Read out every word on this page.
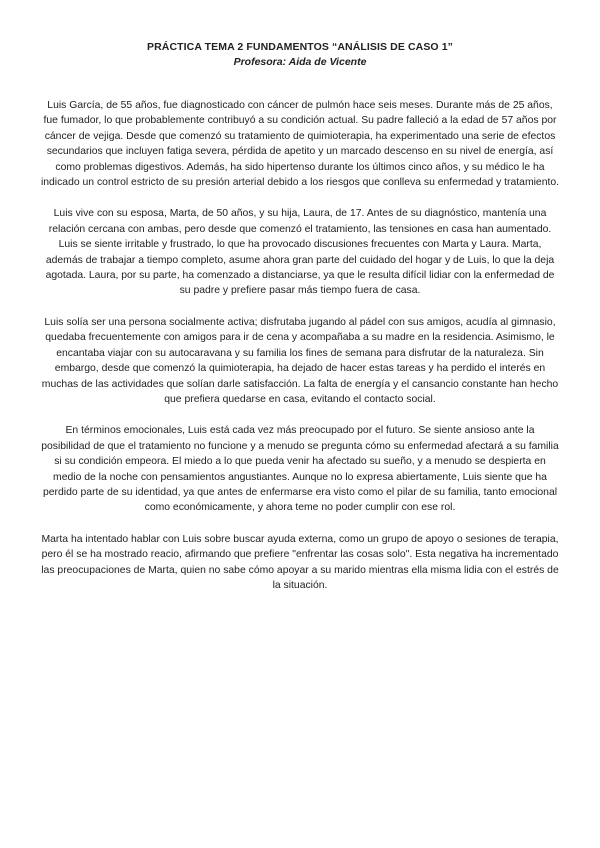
PRÁCTICA TEMA 2 FUNDAMENTOS “ANÁLISIS DE CASO 1”
Profesora: Aida de Vicente

Luis García, de 55 años, fue diagnosticado con cáncer de pulmón hace seis meses. Durante más de 25 años, fue fumador, lo que probablemente contribuyó a su condición actual. Su padre falleció a la edad de 57 años por cáncer de vejiga. Desde que comenzó su tratamiento de quimioterapia, ha experimentado una serie de efectos secundarios que incluyen fatiga severa, pérdida de apetito y un marcado descenso en su nivel de energía, así como problemas digestivos. Además, ha sido hipertenso durante los últimos cinco años, y su médico le ha indicado un control estricto de su presión arterial debido a los riesgos que conlleva su enfermedad y tratamiento.

Luis vive con su esposa, Marta, de 50 años, y su hija, Laura, de 17. Antes de su diagnóstico, mantenía una relación cercana con ambas, pero desde que comenzó el tratamiento, las tensiones en casa han aumentado. Luis se siente irritable y frustrado, lo que ha provocado discusiones frecuentes con Marta y Laura. Marta, además de trabajar a tiempo completo, asume ahora gran parte del cuidado del hogar y de Luis, lo que la deja agotada. Laura, por su parte, ha comenzado a distanciarse, ya que le resulta difícil lidiar con la enfermedad de su padre y prefiere pasar más tiempo fuera de casa.

Luis solía ser una persona socialmente activa; disfrutaba jugando al pádel con sus amigos, acudía al gimnasio, quedaba frecuentemente con amigos para ir de cena y acompañaba a su madre en la residencia. Asimismo, le encantaba viajar con su autocaravana y su familia los fines de semana para disfrutar de la naturaleza. Sin embargo, desde que comenzó la quimioterapia, ha dejado de hacer estas tareas y ha perdido el interés en muchas de las actividades que solían darle satisfacción. La falta de energía y el cansancio constante han hecho que prefiera quedarse en casa, evitando el contacto social.

En términos emocionales, Luis está cada vez más preocupado por el futuro. Se siente ansioso ante la posibilidad de que el tratamiento no funcione y a menudo se pregunta cómo su enfermedad afectará a su familia si su condición empeora. El miedo a lo que pueda venir ha afectado su sueño, y a menudo se despierta en medio de la noche con pensamientos angustiantes. Aunque no lo expresa abiertamente, Luis siente que ha perdido parte de su identidad, ya que antes de enfermarse era visto como el pilar de su familia, tanto emocional como económicamente, y ahora teme no poder cumplir con ese rol.

Marta ha intentado hablar con Luis sobre buscar ayuda externa, como un grupo de apoyo o sesiones de terapia, pero él se ha mostrado reacio, afirmando que prefiere "enfrentar las cosas solo". Esta negativa ha incrementado las preocupaciones de Marta, quien no sabe cómo apoyar a su marido mientras ella misma lidia con el estrés de la situación.
